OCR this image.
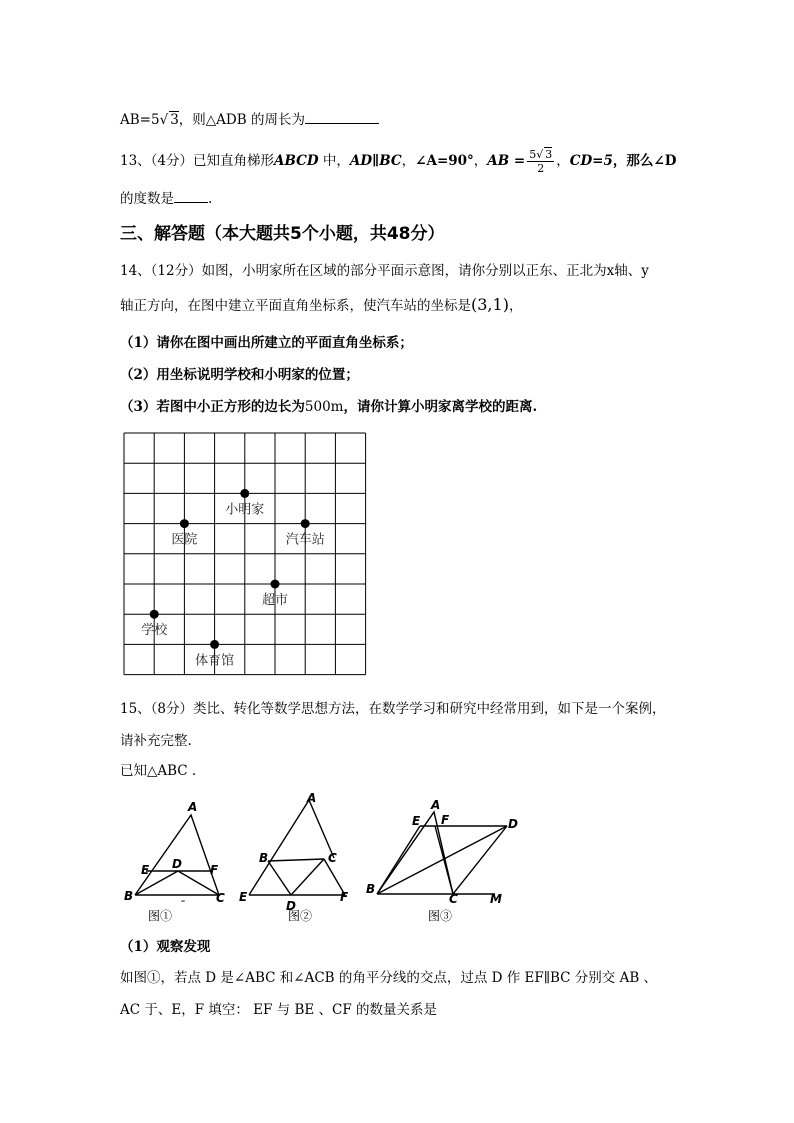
AB=5√ 3，则△ADB 的周长为
13、（4分）已知直角梯形ABCD 中，AD∥BC，∠A=90°，AB = $\frac{5√ 3}{2}$ ，CD=5，那么∠D
的度数是	.
三、解答题（本大题共5个小题，共48分）
14、（12分）如图，小明家所在区域的部分平面示意图，请你分别以正东、正北为x轴、y
轴正方向，在图中建立平面直角坐标系，使汽车站的坐标是(3,1)，
（1）请你在图中画出所建立的平面直角坐标系；
（2）用坐标说明学校和小明家的位置；
（3）若图中小正方形的边长为500m，请你计算小明家离学校的距离.
小明家
医院	汽车站
超市
学校
体育馆
15、（8分）类比、转化等数学思想方法，在数学学习和研究中经常用到，如下是一个案例，
请补充完整.
已知△ABC .
A
E D F
B	C
A
B	C
E
D
F
A
E F	D
B
C	M
¯
图①	图②	图③
（1）观察发现
如图①，若点 D 是∠ABC 和∠ACB 的角平分线的交点，过点 D 作 EF∥BC 分别交 AB 、
AC 于、E，F 填空： EF 与 BE 、CF 的数量关系是
